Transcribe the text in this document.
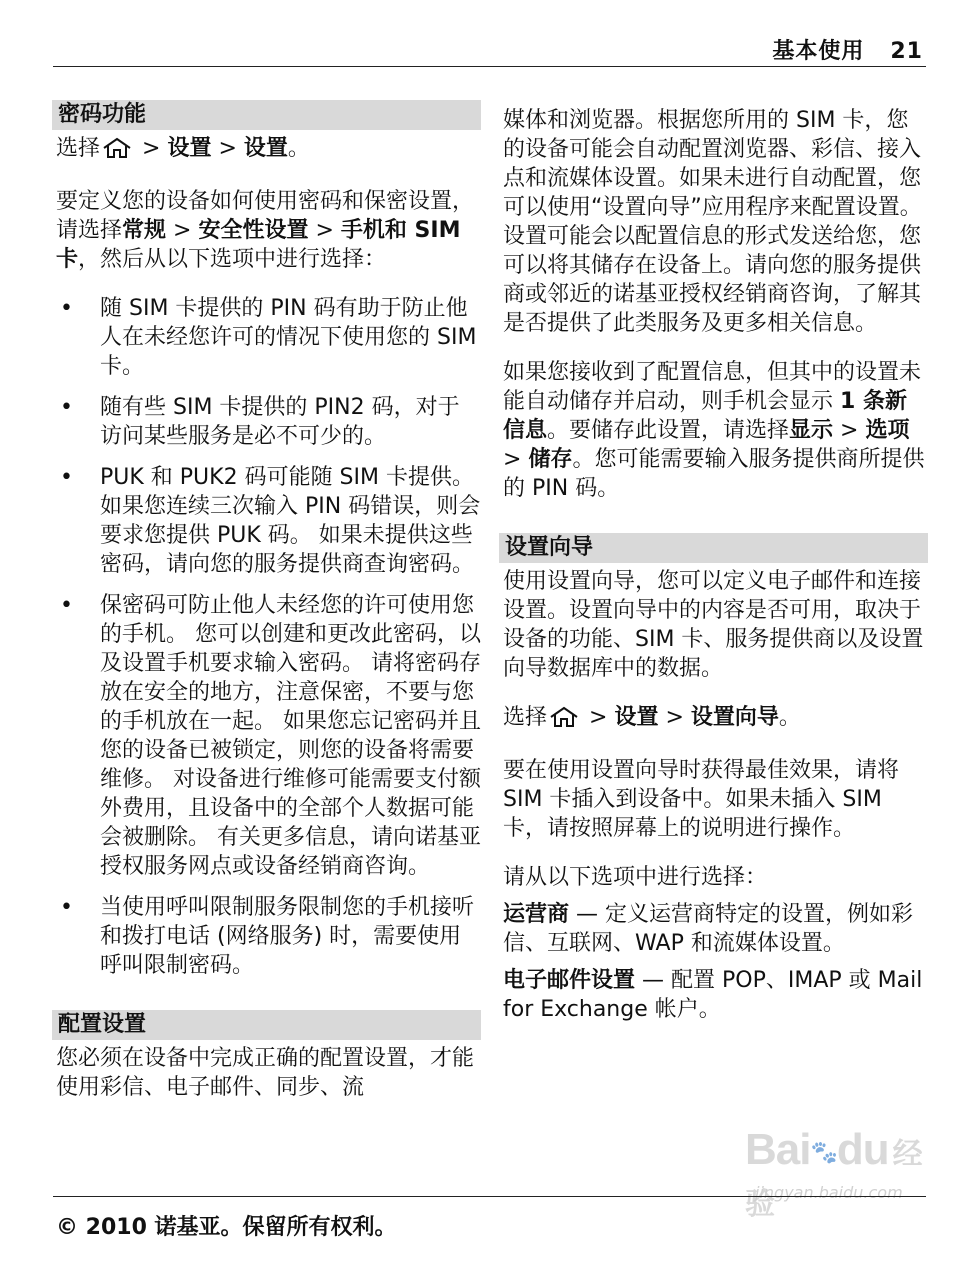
基本使用 21
密码功能

选择 > 设置 > 设置。

要定义您的设备如何使用密码和保密设置，请选择常规 > 安全性设置 > 手机和 SIM 卡，然后从以下选项中进行选择：

• 随 SIM 卡提供的 PIN 码有助于防止他人在未经您许可的情况下使用您的 SIM 卡。
• 随有些 SIM 卡提供的 PIN2 码，对于访问某些服务是必不可少的。
• PUK 和 PUK2 码可能随 SIM 卡提供。 如果您连续三次输入 PIN 码错误，则会要求您提供 PUK 码。 如果未提供这些密码，请向您的服务提供商查询密码。
• 保密码可防止他人未经您的许可使用您的手机。 您可以创建和更改此密码，以及设置手机要求输入密码。 请将密码存放在安全的地方，注意保密，不要与您的手机放在一起。 如果您忘记密码并且您的设备已被锁定，则您的设备将需要维修。 对设备进行维修可能需要支付额外费用，且设备中的全部个人数据可能会被删除。 有关更多信息，请向诺基亚授权服务网点或设备经销商咨询。
• 当使用呼叫限制服务限制您的手机接听和拨打电话 (网络服务) 时，需要使用呼叫限制密码。
配置设置

您必须在设备中完成正确的配置设置，才能使用彩信、电子邮件、同步、流

媒体和浏览器。根据您所用的 SIM 卡，您的设备可能会自动配置浏览器、彩信、接入点和流媒体设置。如果未进行自动配置，您可以使用“设置向导”应用程序来配置设置。设置可能会以配置信息的形式发送给您，您可以将其储存在设备上。请向您的服务提供商或邻近的诺基亚授权经销商咨询，了解其是否提供了此类服务及更多相关信息。

如果您接收到了配置信息，但其中的设置未能自动储存并启动，则手机会显示 1 条新信息。要储存此设置，请选择显示 > 选项 > 储存。您可能需要输入服务提供商所提供的 PIN 码。

设置向导

使用设置向导，您可以定义电子邮件和连接设置。设置向导中的内容是否可用，取决于设备的功能、SIM 卡、服务提供商以及设置向导数据库中的数据。

选择 > 设置 > 设置向导。

要在使用设置向导时获得最佳效果，请将 SIM 卡插入到设备中。如果未插入 SIM 卡，请按照屏幕上的说明进行操作。

请从以下选项中进行选择：

运营商 — 定义运营商特定的设置，例如彩信、互联网、WAP 和流媒体设置。

电子邮件设置 — 配置 POP、IMAP 或 Mail for Exchange 帐户。

Bai🐾du 经验
jingyan.baidu.com
© 2010 诺基亚。保留所有权利。
